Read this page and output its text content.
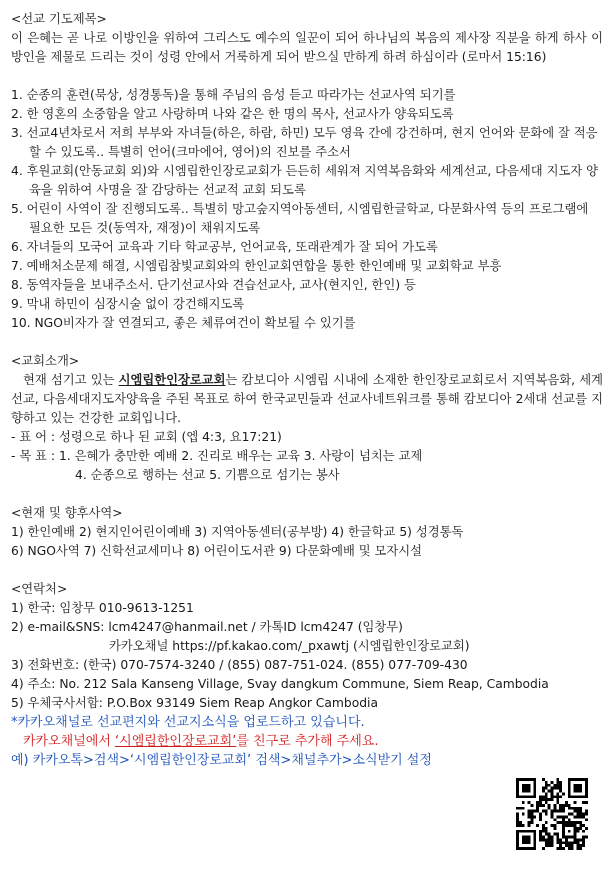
<선교 기도제목>

이 은혜는 곧 나로 이방인을 위하여 그리스도 예수의 일꾼이 되어 하나님의 복음의 제사장 직분을 하게 하사 이방인을 제물로 드리는 것이 성령 안에서 거룩하게 되어 받으실 만하게 하려 하심이라 (로마서 15:16)

1. 순종의 훈련(묵상, 성경통독)을 통해 주님의 음성 듣고 따라가는 선교사역 되기를

2. 한 영혼의 소중함을 알고 사랑하며 나와 같은 한 명의 목사, 선교사가 양육되도록

3. 선교4년차로서 저희 부부와 자녀들(하은, 하람, 하민) 모두 영육 간에 강건하며, 현지 언어와 문화에 잘 적응할 수 있도록.. 특별히 언어(크마에어, 영어)의 진보를 주소서

4. 후원교회(안동교회 외)와 시엠립한인장로교회가 든든히 세워져 지역복음화와 세계선교, 다음세대 지도자 양육을 위하여 사명을 잘 감당하는 선교적 교회 되도록

5. 어린이 사역이 잘 진행되도록.. 특별히 망고숲지역아동센터, 시엠립한글학교, 다문화사역 등의 프로그램에 필요한 모든 것(동역자, 재정)이 채워지도록

6. 자녀들의 모국어 교육과 기타 학교공부, 언어교육, 또래관계가 잘 되어 가도록

7. 예배처소문제 해결, 시엠립참빛교회와의 한인교회연합을 통한 한인예배 및 교회학교 부흥

8. 동역자들을 보내주소서. 단기선교사와 견습선교사, 교사(현지인, 한인) 등

9. 막내 하민이 심장시술 없이 강건해지도록

10. NGO비자가 잘 연결되고, 좋은 체류여건이 확보될 수 있기를

<교회소개>

현재 섬기고 있는 시엠립한인장로교회는 캄보디아 시엠립 시내에 소재한 한인장로교회로서 지역복음화, 세계선교, 다음세대지도자양육을 주된 목표로 하여 한국교민들과 선교사네트워크를 통해 캄보디아 2세대 선교를 지향하고 있는 건강한 교회입니다.

- 표 어 : 성령으로 하나 된 교회 (엡 4:3, 요17:21)

- 목 표 : 1. 은혜가 충만한 예배 2. 진리로 배우는 교육 3. 사랑이 넘치는 교제

4. 순종으로 행하는 선교 5. 기쁨으로 섬기는 봉사

<현재 및 향후사역>

1) 한인예배 2) 현지인어린이예배 3) 지역아동센터(공부방) 4) 한글학교 5) 성경통독

6) NGO사역 7) 신학선교세미나 8) 어린이도서관 9) 다문화예배 및 모자시설

<연락처>

1) 한국: 임창무 010-9613-1251

2) e-mail&SNS: lcm4247@hanmail.net / 카톡ID lcm4247 (임창무)

카카오채널 https://pf.kakao.com/_pxawtj (시엠립한인장로교회)

3) 전화번호: (한국) 070-7574-3240 / (855) 087-751-024. (855) 077-709-430

4) 주소: No. 212 Sala Kanseng Village, Svay dangkum Commune, Siem Reap, Cambodia

5) 우체국사서함: P.O.Box 93149 Siem Reap Angkor Cambodia

*카카오채널로 선교편지와 선교지소식을 업로드하고 있습니다.

카카오채널에서 ‘시엠립한인장로교회’를 친구로 추가해 주세요.

예) 카카오톡>검색>‘시엠립한인장로교회’ 검색>채널추가>소식받기 설정
